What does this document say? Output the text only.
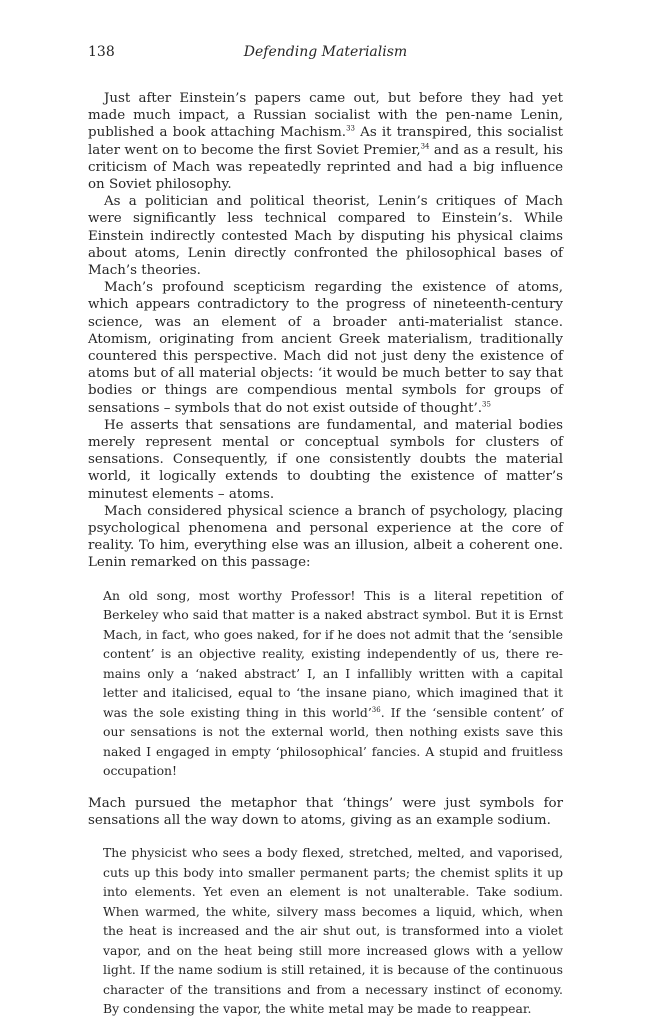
138	Defending Materialism

Just after Einstein’s papers came out, but before they had yet made much impact, a Russian socialist with the pen-name Lenin, published a book attaching Machism.$^{33}$ As it transpired, this socialist later went on to become the first Soviet Premier,$^{34}$ and as a result, his criticism of Mach was repeatedly reprinted and had a big influence on Soviet philosophy.

As a politician and political theorist, Lenin’s critiques of Mach were significantly less technical compared to Einstein’s. While Einstein indirectly contested Mach by disputing his physical claims about atoms, Lenin directly confronted the philosophical bases of Mach’s theories.

Mach’s profound scepticism regarding the existence of atoms, which appears contradictory to the progress of nineteenth-century science, was an element of a broader anti-materialist stance. Atomism, originating from ancient Greek materialism, traditionally countered this perspective. Mach did not just deny the existence of atoms but of all material objects: ‘it would be much better to say that bodies or things are compendious mental symbols for groups of sensations – symbols that do not exist outside of thought’.$^{35}$

He asserts that sensations are fundamental, and material bodies merely represent mental or conceptual symbols for clusters of sensations. Consequently, if one consistently doubts the material world, it logically extends to doubting the existence of matter’s minutest elements – atoms.

Mach considered physical science a branch of psychology, placing psychological phenomena and personal experience at the core of reality. To him, everything else was an illusion, albeit a coherent one. Lenin remarked on this passage:

An old song, most worthy Professor! This is a literal repetition of Berkeley who said that matter is a naked abstract symbol. But it is Ernst Mach, in fact, who goes naked, for if he does not admit that the ‘sensible content’ is an objective reality, existing independently of us, there re- mains only a ‘naked abstract’ I, an I infallibly written with a capital letter and italicised, equal to ‘the insane piano, which imagined that it was the sole existing thing in this world’$^{36}$. If the ‘sensible content’ of our sensations is not the external world, then nothing exists save this naked I engaged in empty ‘philosophical’ fancies. A stupid and fruitless occupation!

Mach pursued the metaphor that ‘things’ were just symbols for sensations all the way down to atoms, giving as an example sodium.

The physicist who sees a body flexed, stretched, melted, and vaporised, cuts up this body into smaller permanent parts; the chemist splits it up into elements. Yet even an element is not unalterable. Take sodium. When warmed, the white, silvery mass becomes a liquid, which, when the heat is increased and the air shut out, is transformed into a violet vapor, and on the heat being still more increased glows with a yellow light. If the name sodium is still retained, it is because of the continuous character of the transitions and from a necessary instinct of economy. By condensing the vapor, the white metal may be made to reappear.
